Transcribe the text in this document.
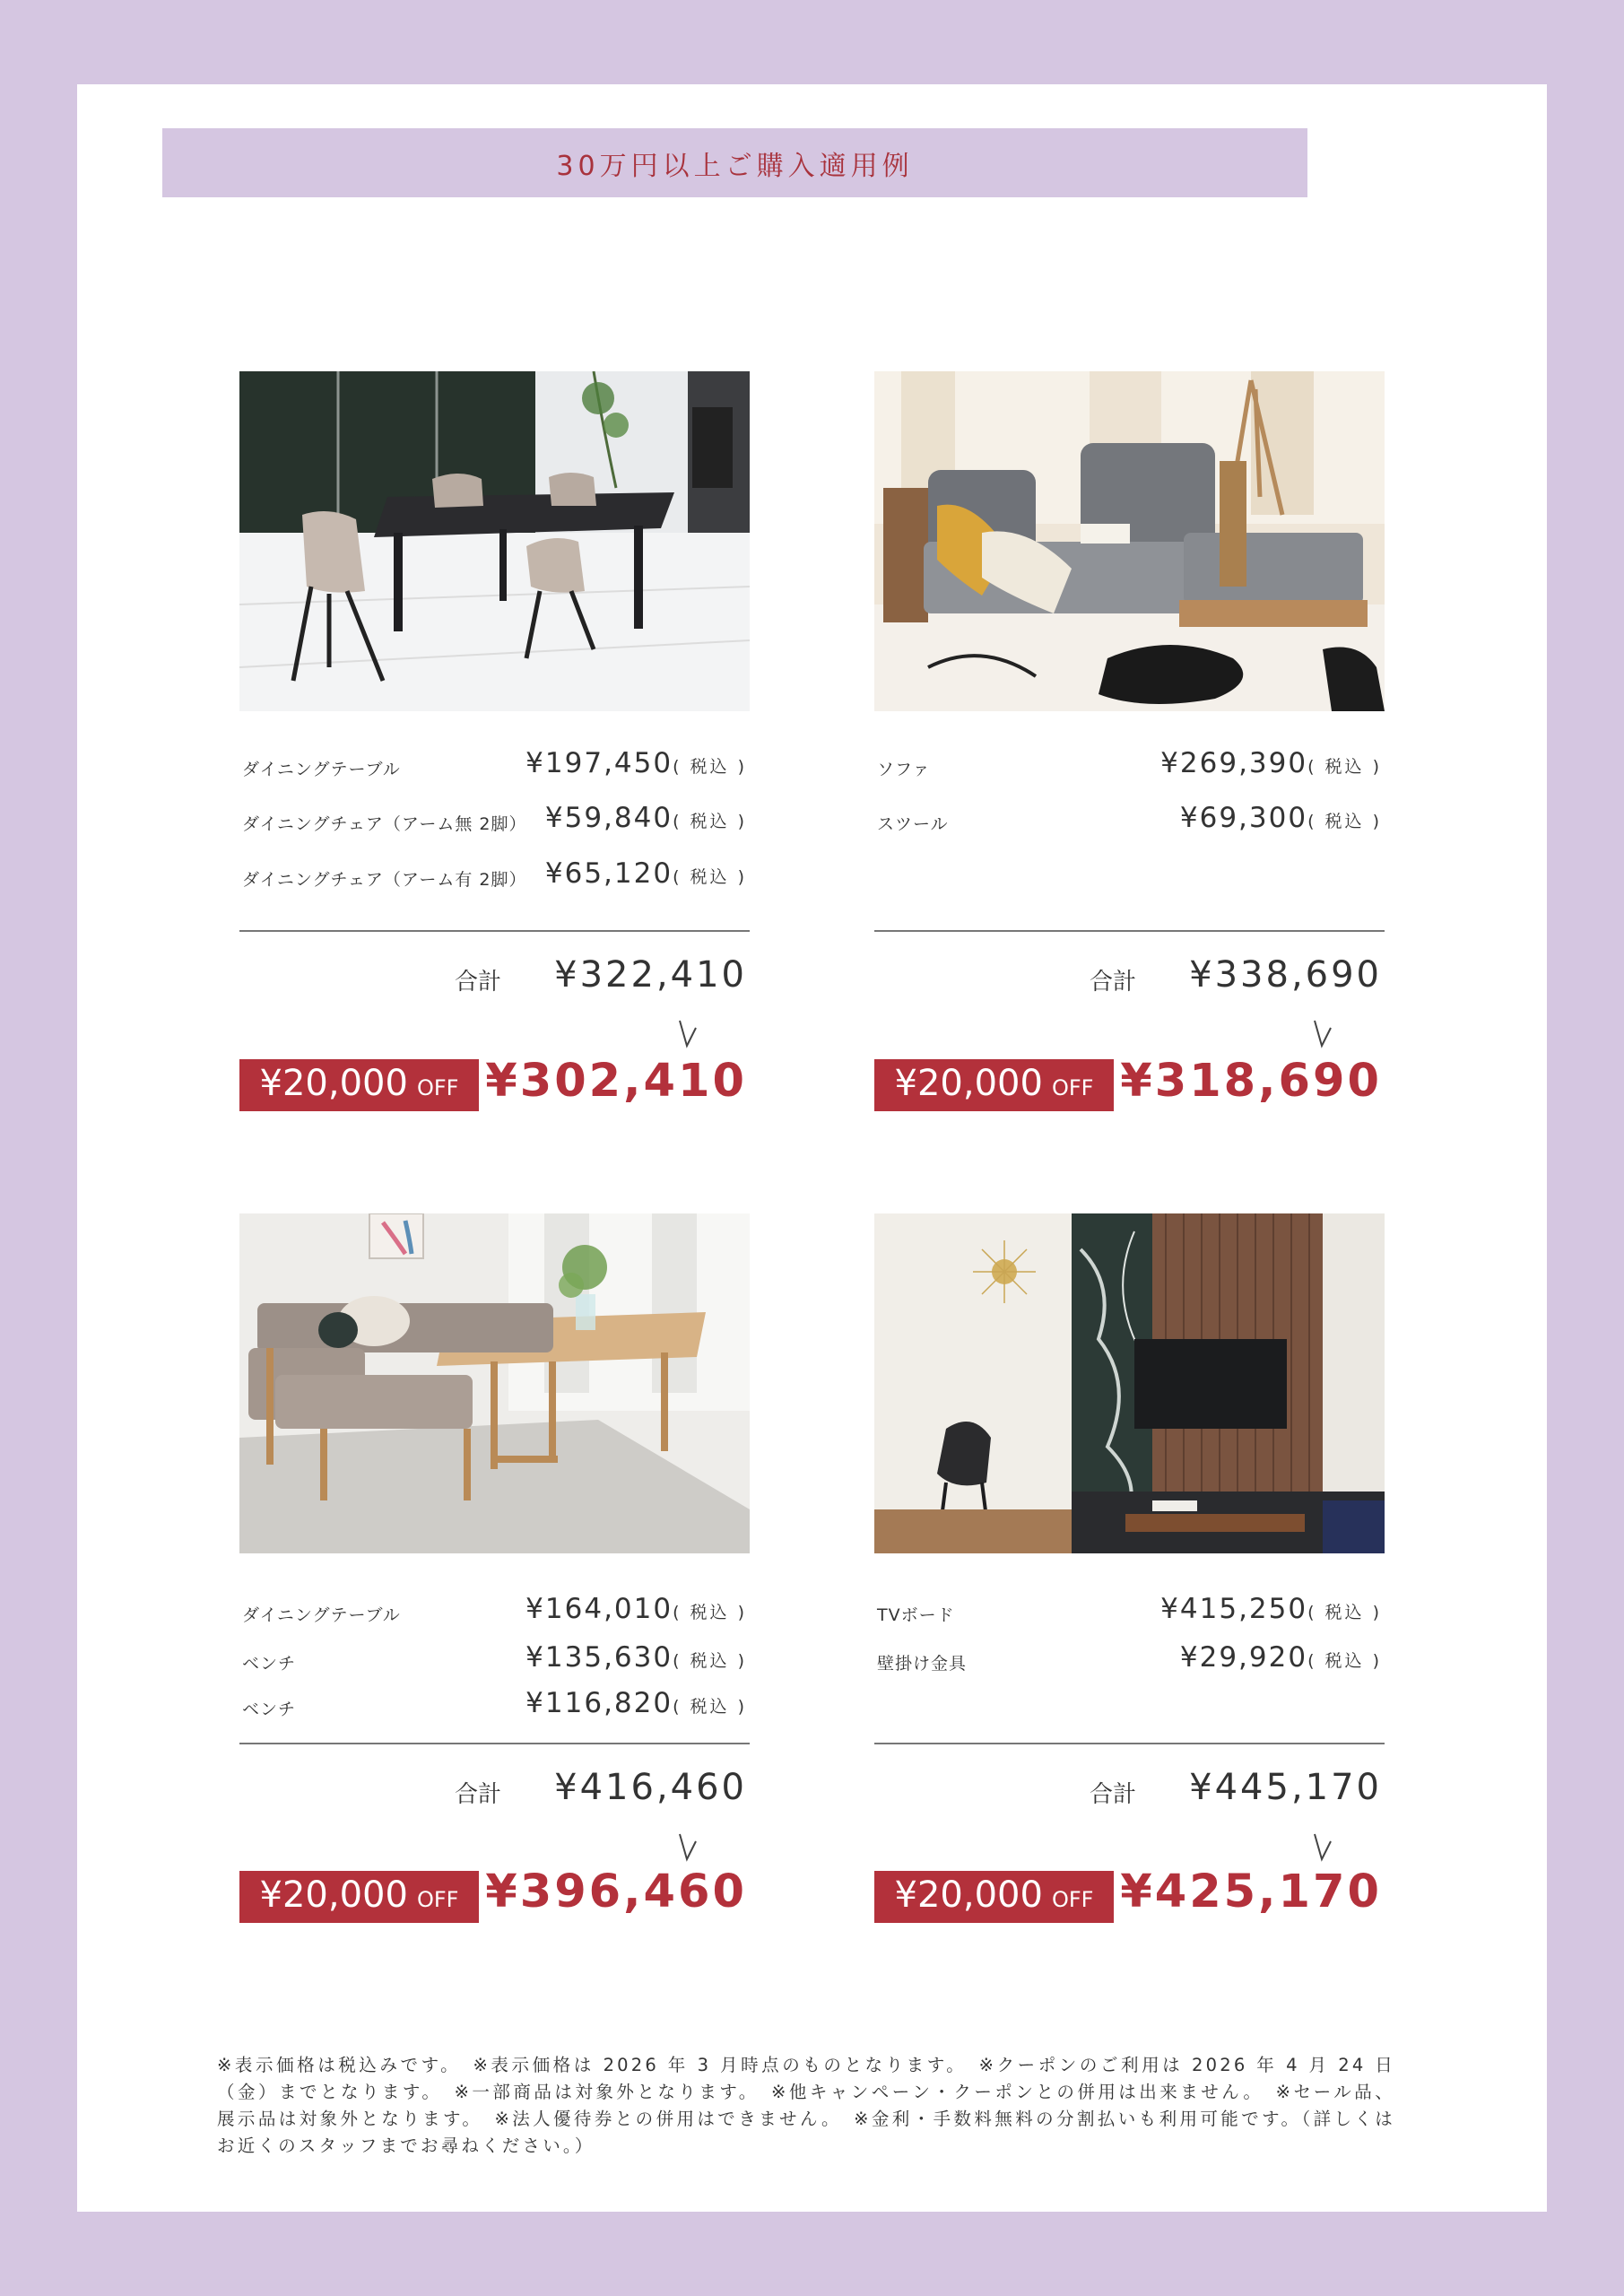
30万円以上ご購入適用例
ダイニングテーブル	¥197,450( 税込 )
ダイニングチェア（アーム無 2脚） ¥59,840( 税込 )
ダイニングチェア（アーム有 2脚） ¥65,120( 税込 )
合計 ¥322,410
¥20,000 OFF ¥302,410
ソファ	¥269,390( 税込 )
スツール	¥69,300( 税込 )
合計 ¥338,690
¥20,000 OFF ¥318,690
ダイニングテーブル	¥164,010( 税込 )
ベンチ	¥135,630( 税込 )
ベンチ	¥116,820( 税込 )
合計 ¥416,460
¥20,000 OFF ¥396,460
TVボード	¥415,250( 税込 )
壁掛け金具	¥29,920( 税込 )
合計 ¥445,170
¥20,000 OFF ¥425,170

※表示価格は税込みです。　※表示価格は 2026 年 3 月時点のものとなります。　※クーポンのご利用は 2026 年 4 月 24 日（金）までとなります。　※一部商品は対象外となります。　※他キャンペーン・クーポンとの併用は出来ません。　※セール品、展示品は対象外となります。　※法人優待券との併用はできません。　※金利・手数料無料の分割払いも利用可能です。（詳しくはお近くのスタッフまでお尋ねください。）
